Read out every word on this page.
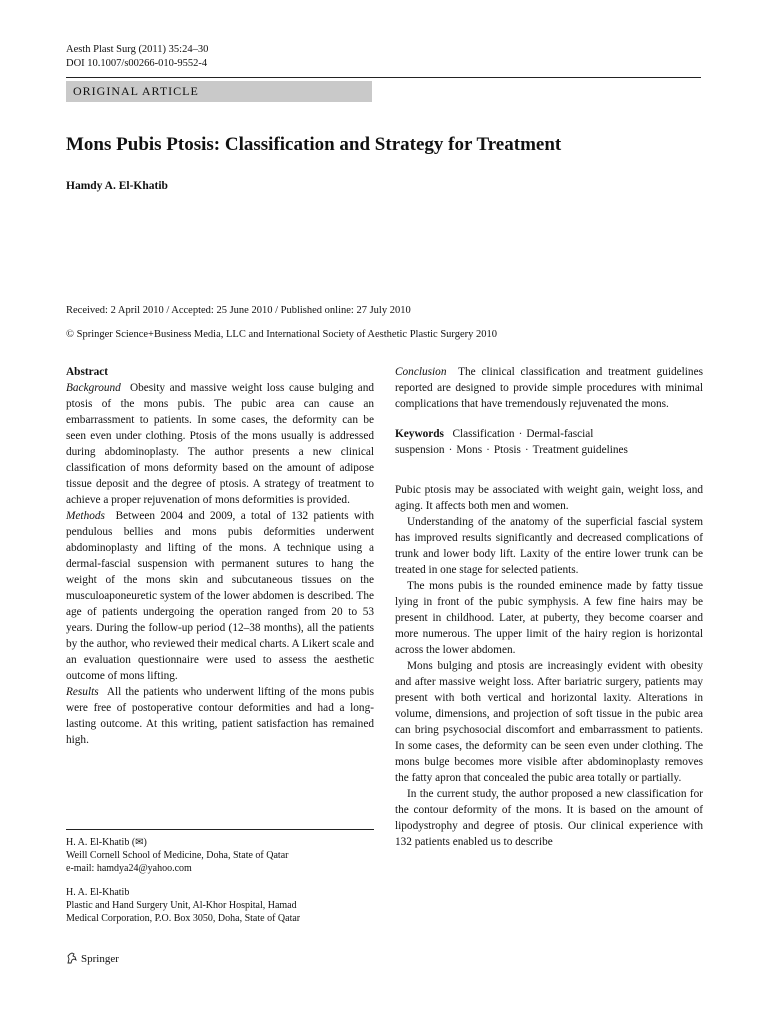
Aesth Plast Surg (2011) 35:24–30
DOI 10.1007/s00266-010-9552-4
ORIGINAL ARTICLE
Mons Pubis Ptosis: Classification and Strategy for Treatment
Hamdy A. El-Khatib
Received: 2 April 2010 / Accepted: 25 June 2010 / Published online: 27 July 2010
© Springer Science+Business Media, LLC and International Society of Aesthetic Plastic Surgery 2010

Abstract

Background Obesity and massive weight loss cause bulging and ptosis of the mons pubis. The pubic area can cause an embarrassment to patients. In some cases, the deformity can be seen even under clothing. Ptosis of the mons usually is addressed during abdominoplasty. The author presents a new clinical classification of mons deformity based on the amount of adipose tissue deposit and the degree of ptosis. A strategy of treatment to achieve a proper rejuvenation of mons deformities is provided.

Methods Between 2004 and 2009, a total of 132 patients with pendulous bellies and mons pubis deformities underwent abdominoplasty and lifting of the mons. A technique using a dermal-fascial suspension with permanent sutures to hang the weight of the mons skin and subcutaneous tissues on the musculoaponeuretic system of the lower abdomen is described. The age of patients undergoing the operation ranged from 20 to 53 years. During the follow-up period (12–38 months), all the patients by the author, who reviewed their medical charts. A Likert scale and an evaluation questionnaire were used to assess the aesthetic outcome of mons lifting.

Results All the patients who underwent lifting of the mons pubis were free of postoperative contour deformities and had a long-lasting outcome. At this writing, patient satisfaction has remained high.

H. A. El-Khatib (✉)
Weill Cornell School of Medicine, Doha, State of Qatar
e-mail: hamdya24@yahoo.com
H. A. El-Khatib
Plastic and Hand Surgery Unit, Al-Khor Hospital, Hamad
Medical Corporation, P.O. Box 3050, Doha, State of Qatar

Conclusion The clinical classification and treatment guidelines reported are designed to provide simple procedures with minimal complications that have tremendously rejuvenated the mons.

Keywords Classification · Dermal-fascial suspension · Mons · Ptosis · Treatment guidelines

Pubic ptosis may be associated with weight gain, weight loss, and aging. It affects both men and women.

Understanding of the anatomy of the superficial fascial system has improved results significantly and decreased complications of trunk and lower body lift. Laxity of the entire lower trunk can be treated in one stage for selected patients.

The mons pubis is the rounded eminence made by fatty tissue lying in front of the pubic symphysis. A few fine hairs may be present in childhood. Later, at puberty, they become coarser and more numerous. The upper limit of the hairy region is horizontal across the lower abdomen.

Mons bulging and ptosis are increasingly evident with obesity and after massive weight loss. After bariatric surgery, patients may present with both vertical and horizontal laxity. Alterations in volume, dimensions, and projection of soft tissue in the pubic area can bring psychosocial discomfort and embarrassment to patients. In some cases, the deformity can be seen even under clothing. The mons bulge becomes more visible after abdominoplasty removes the fatty apron that concealed the pubic area totally or partially.

In the current study, the author proposed a new classification for the contour deformity of the mons. It is based on the amount of lipodystrophy and degree of ptosis. Our clinical experience with 132 patients enabled us to describe

Springer
